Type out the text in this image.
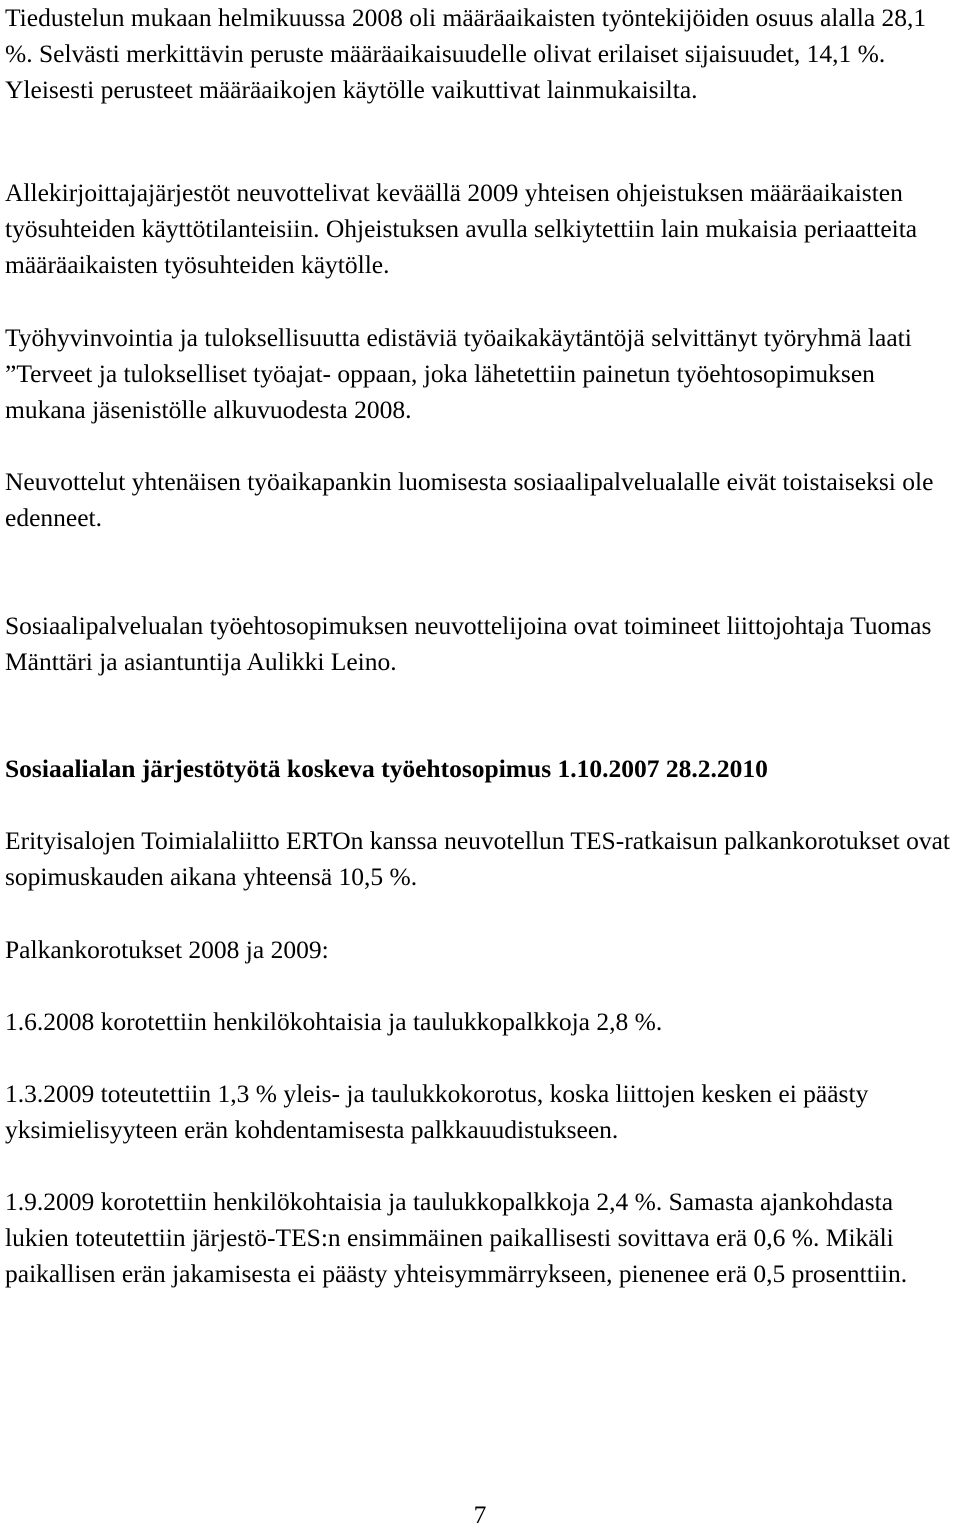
Tiedustelun mukaan helmikuussa 2008 oli määräaikaisten työntekijöiden osuus alalla 28,1 %. Selvästi merkittävin peruste määräaikaisuudelle olivat erilaiset sijaisuudet, 14,1 %. Yleisesti perusteet määräaikojen käytölle vaikuttivat lainmukaisilta.

Allekirjoittajajärjestöt neuvottelivat keväällä 2009 yhteisen ohjeistuksen määräaikaisten työsuhteiden käyttötilanteisiin. Ohjeistuksen avulla selkiytettiin lain mukaisia periaatteita määräaikaisten työsuhteiden käytölle.

Työhyvinvointia ja tuloksellisuutta edistäviä työaikakäytäntöjä selvittänyt työryhmä laati ”Terveet ja tulokselliset työajat- oppaan, joka lähetettiin painetun työehtosopimuksen mukana jäsenistölle alkuvuodesta 2008.

Neuvottelut yhtenäisen työaikapankin luomisesta sosiaalipalvelualalle eivät toistaiseksi ole edenneet.

Sosiaalipalvelualan työehtosopimuksen neuvottelijoina ovat toimineet liittojohtaja Tuomas Mänttäri ja asiantuntija Aulikki Leino.

Sosiaalialan järjestötyötä koskeva työehtosopimus 1.10.2007 28.2.2010

Erityisalojen Toimialaliitto ERTOn kanssa neuvotellun TES-ratkaisun palkankorotukset ovat sopimuskauden aikana yhteensä 10,5 %.

Palkankorotukset 2008 ja 2009:

1.6.2008 korotettiin henkilökohtaisia ja taulukkopalkkoja 2,8 %.

1.3.2009 toteutettiin 1,3 % yleis- ja taulukkokorotus, koska liittojen kesken ei päästy yksimielisyyteen erän kohdentamisesta palkkauudistukseen.

1.9.2009 korotettiin henkilökohtaisia ja taulukkopalkkoja 2,4 %. Samasta ajankohdasta lukien toteutettiin järjestö-TES:n ensimmäinen paikallisesti sovittava erä 0,6 %. Mikäli paikallisen erän jakamisesta ei päästy yhteisymmärrykseen, pienenee erä 0,5 prosenttiin.

7
